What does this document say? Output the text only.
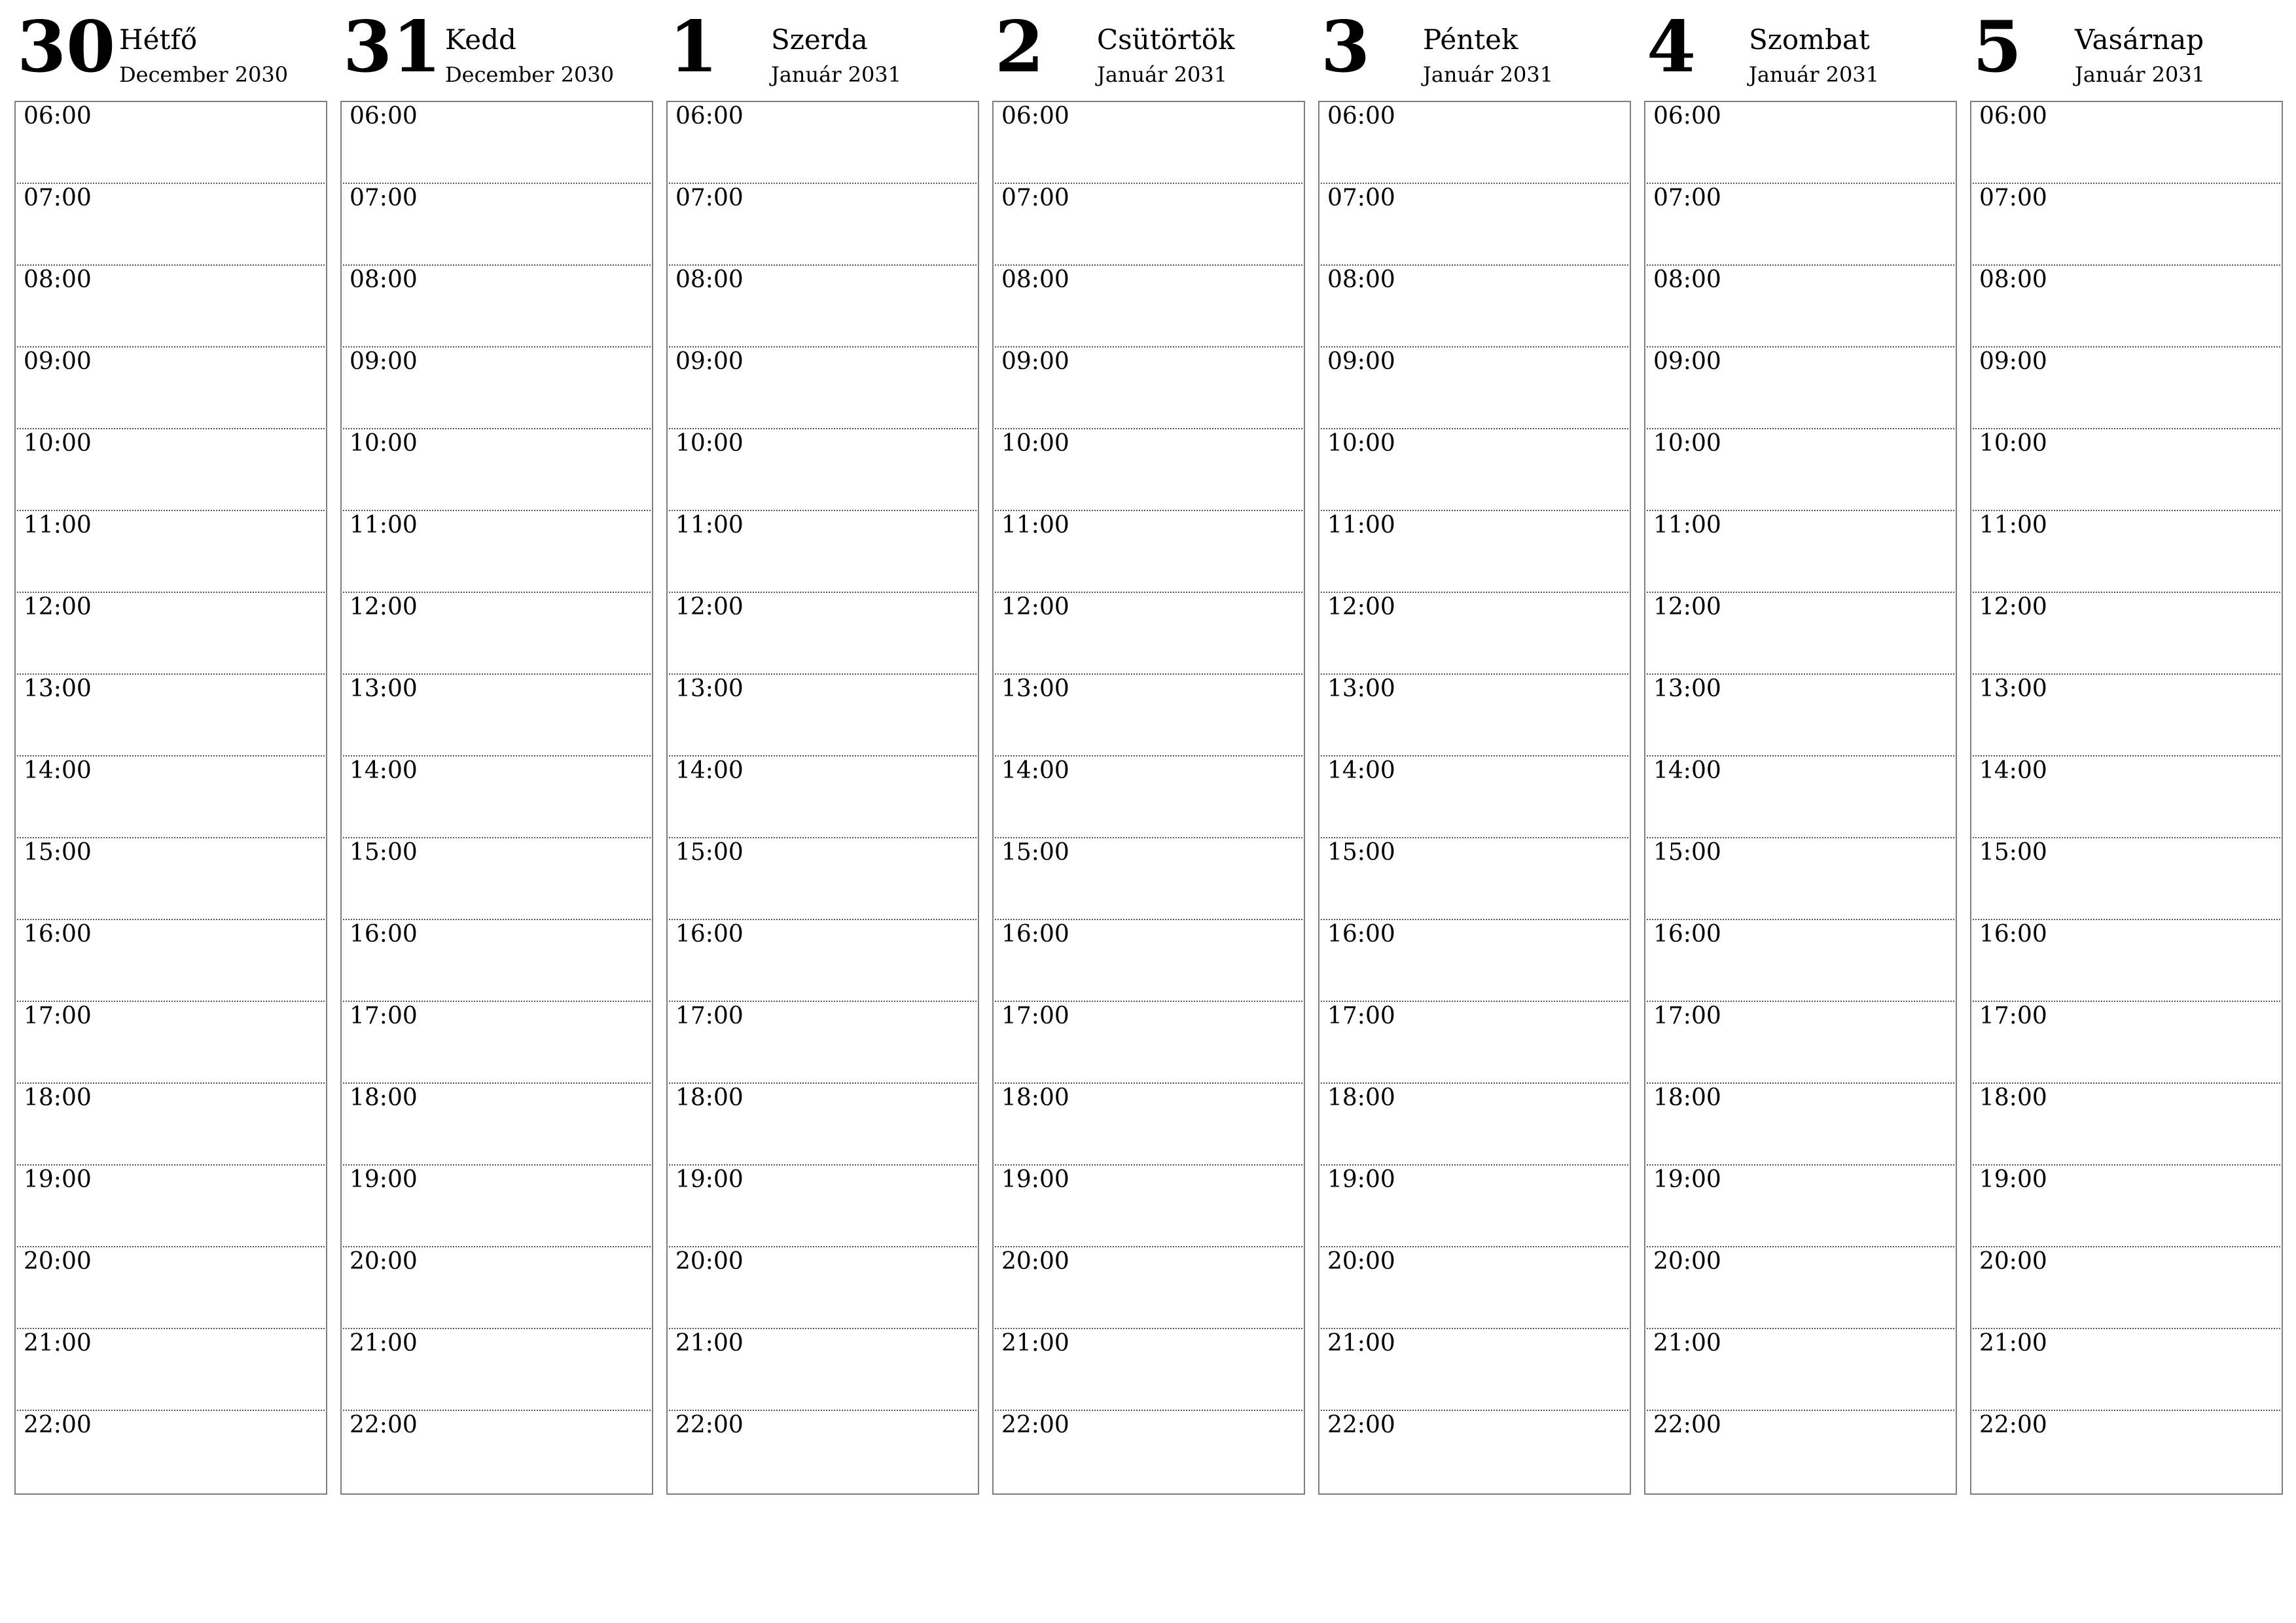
30 Hétfő
December 2030
06:00
07:00
08:00
09:00
10:00
11:00
12:00
13:00
14:00
15:00
16:00
17:00
18:00
19:00
20:00
21:00
22:00
31 Kedd
December 2030
06:00
07:00
08:00
09:00
10:00
11:00
12:00
13:00
14:00
15:00
16:00
17:00
18:00
19:00
20:00
21:00
22:00
1 Szerda
Január 2031
06:00
07:00
08:00
09:00
10:00
11:00
12:00
13:00
14:00
15:00
16:00
17:00
18:00
19:00
20:00
21:00
22:00
2 Csütörtök
Január 2031
06:00
07:00
08:00
09:00
10:00
11:00
12:00
13:00
14:00
15:00
16:00
17:00
18:00
19:00
20:00
21:00
22:00
3 Péntek
Január 2031
06:00
07:00
08:00
09:00
10:00
11:00
12:00
13:00
14:00
15:00
16:00
17:00
18:00
19:00
20:00
21:00
22:00
4 Szombat
Január 2031
06:00
07:00
08:00
09:00
10:00
11:00
12:00
13:00
14:00
15:00
16:00
17:00
18:00
19:00
20:00
21:00
22:00
5 Vasárnap
Január 2031
06:00
07:00
08:00
09:00
10:00
11:00
12:00
13:00
14:00
15:00
16:00
17:00
18:00
19:00
20:00
21:00
22:00
